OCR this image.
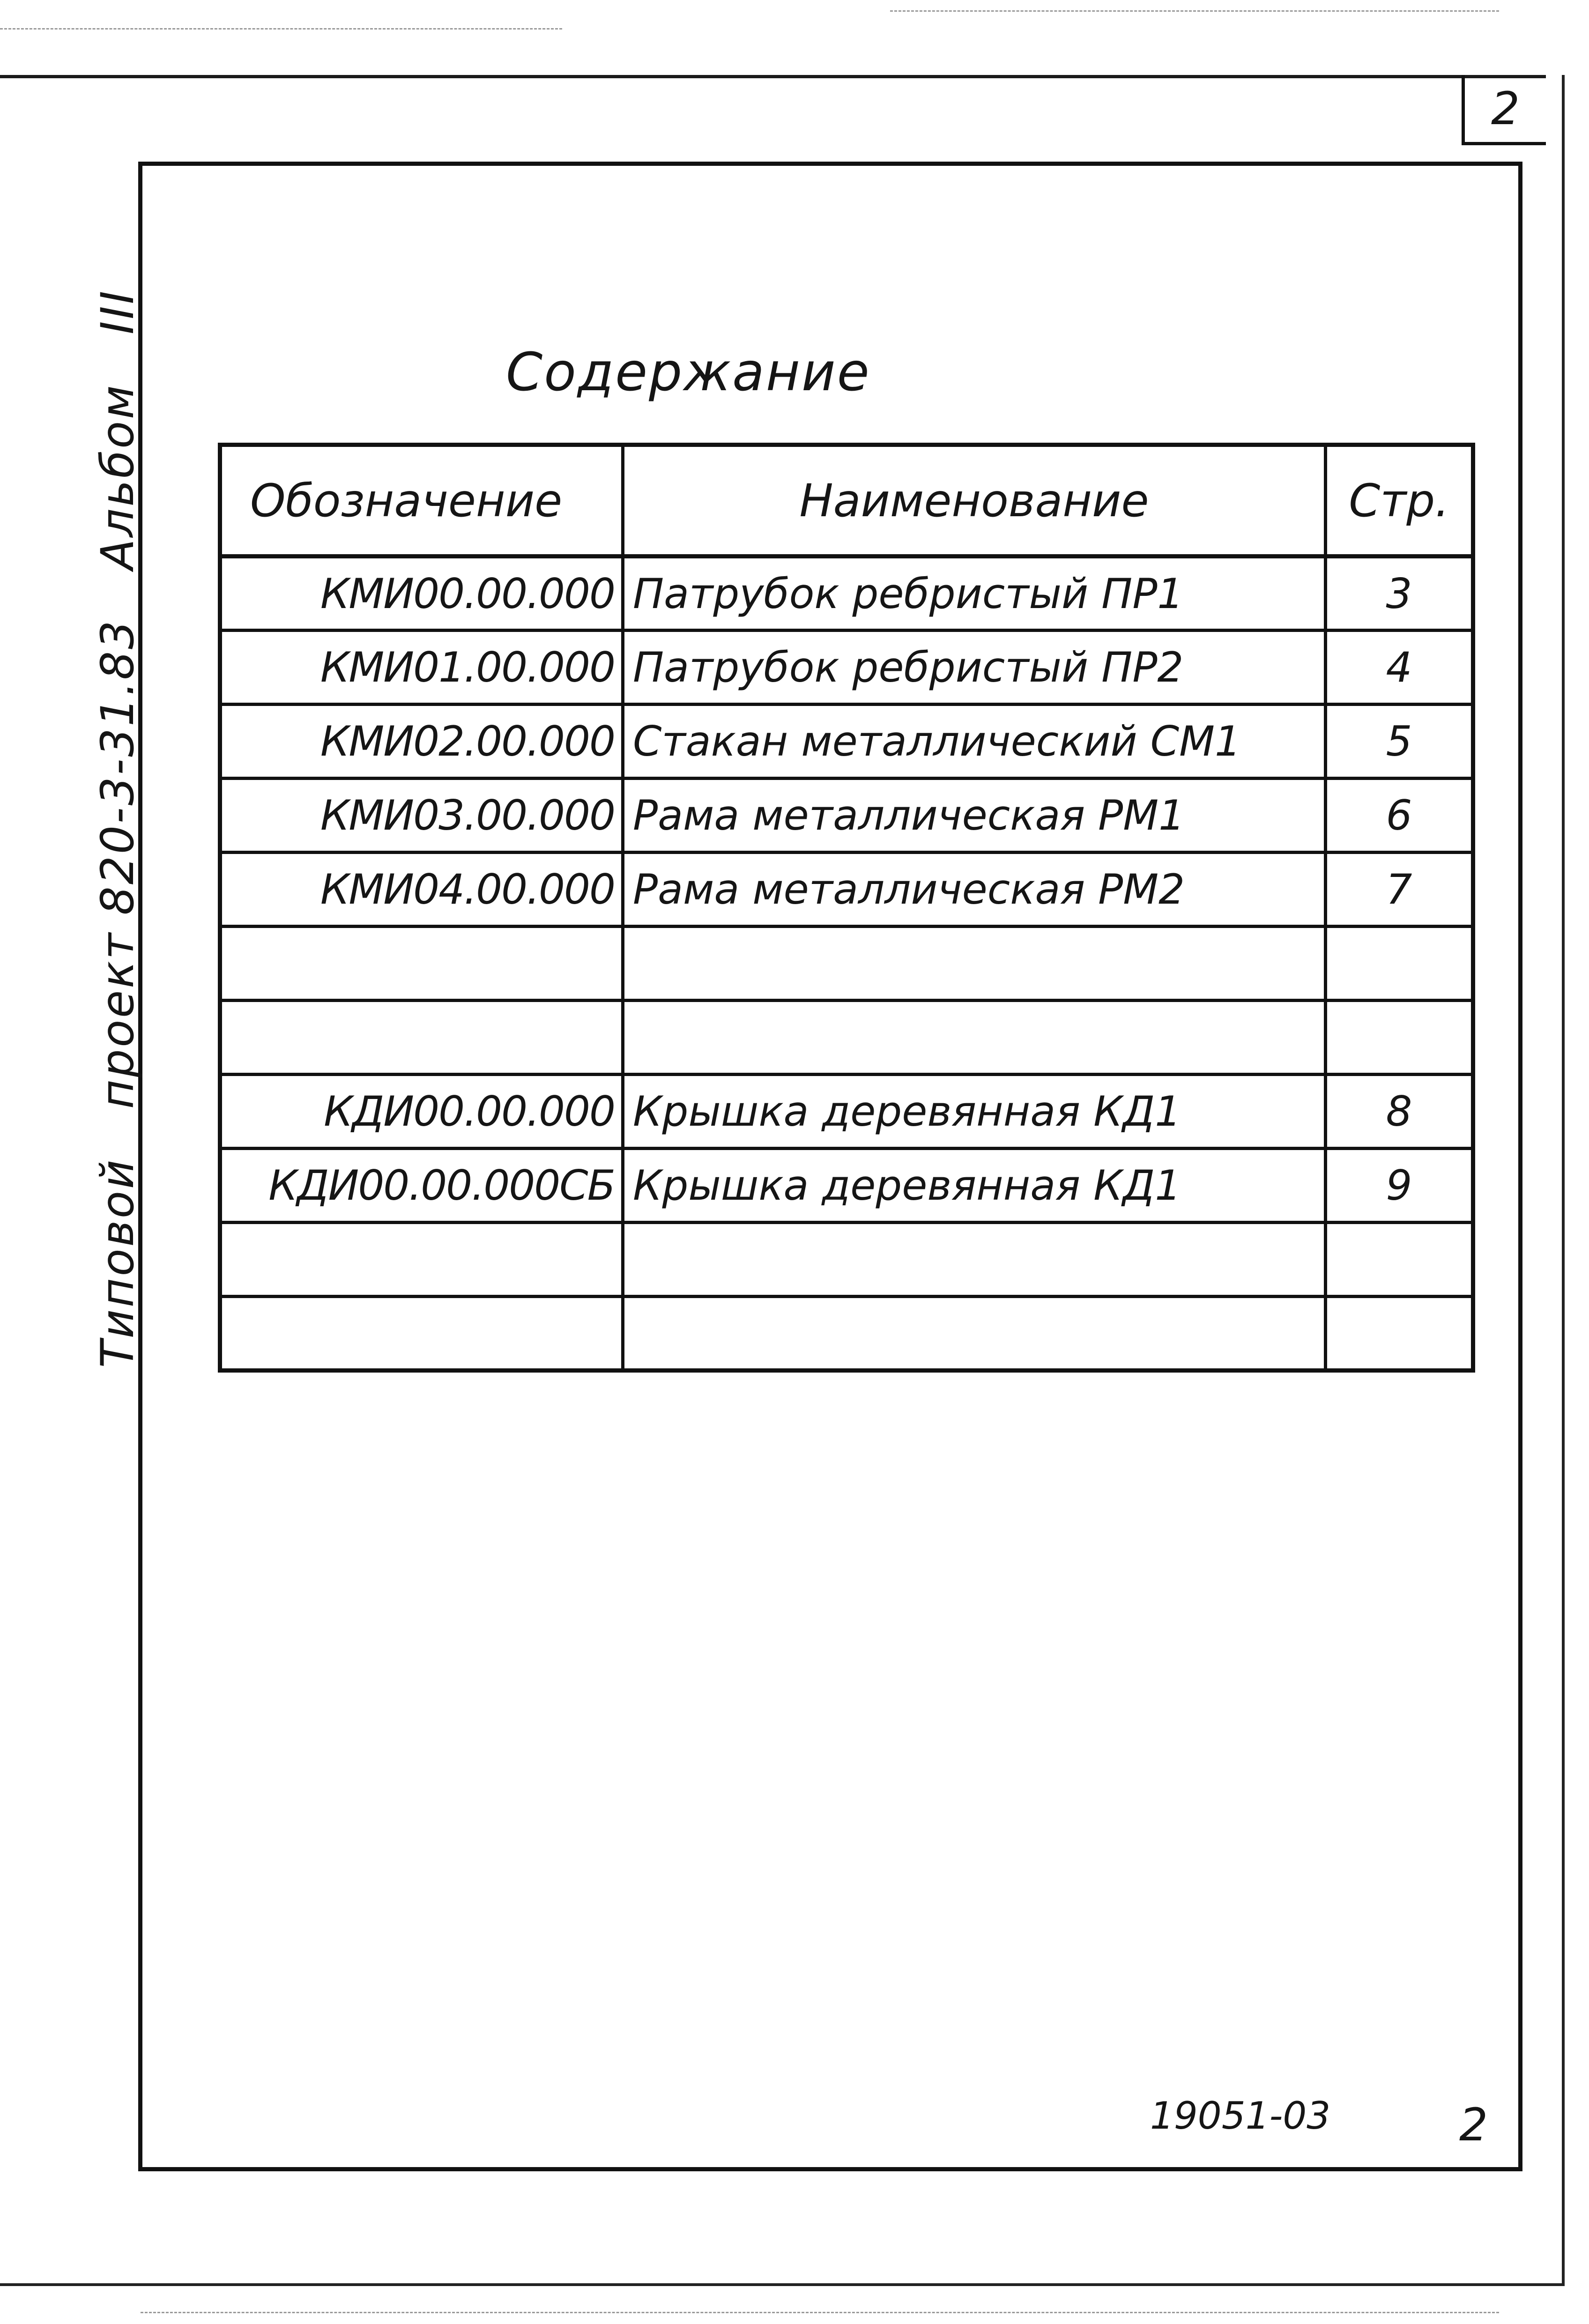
2
Типовой проект 820-3-31.83 Альбом III
Содержание
Обозначение	Наименование	Стр.
КМИ00.00.000	Патрубок ребристый ПР1	3
КМИ01.00.000	Патрубок ребристый ПР2	4
КМИ02.00.000	Стакан металлический СМ1	5
КМИ03.00.000	Рама металлическая РМ1	6
КМИ04.00.000	Рама металлическая РМ2	7

КДИ00.00.000	Крышка деревянная КД1	8
КДИ00.00.000СБ	Крышка деревянная КД1	9

19051-03	2
